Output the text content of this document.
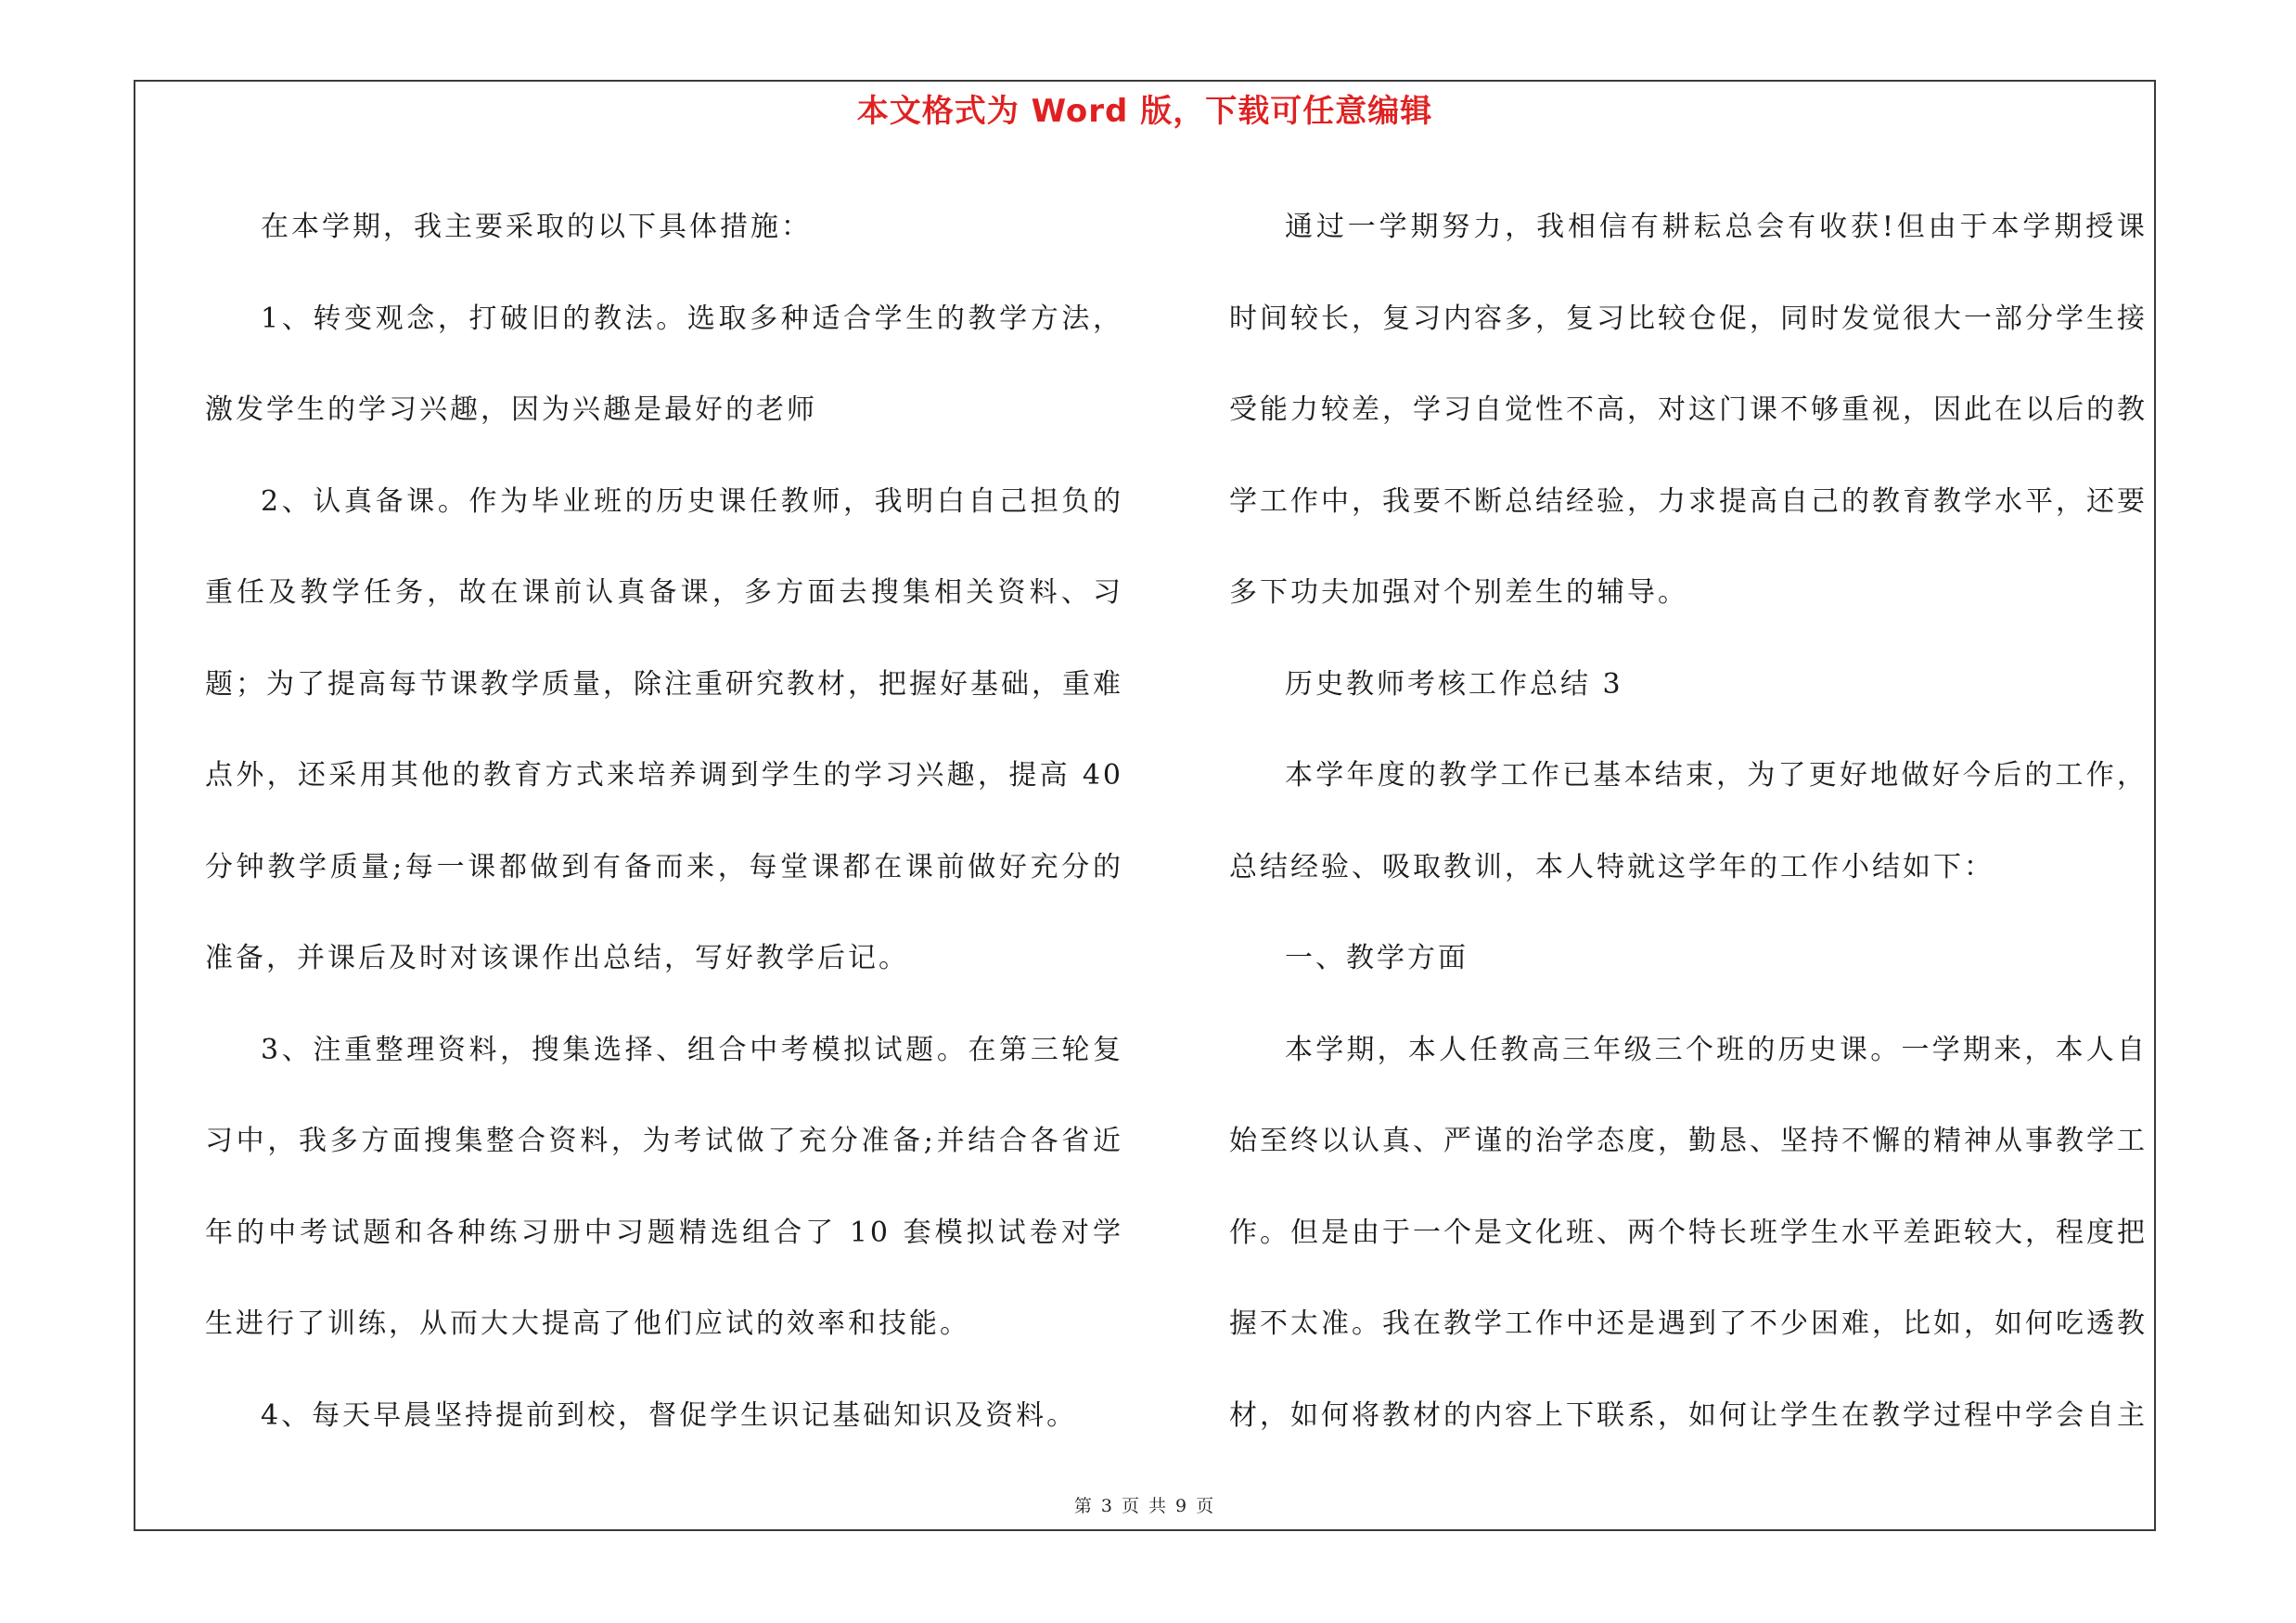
本文格式为 Word 版，下载可任意编辑

在本学期，我主要采取的以下具体措施：

1、转变观念，打破旧的教法。选取多种适合学生的教学方法，激发学生的学习兴趣，因为兴趣是最好的老师

2、认真备课。作为毕业班的历史课任教师，我明白自己担负的重任及教学任务，故在课前认真备课，多方面去搜集相关资料、习题；为了提高每节课教学质量，除注重研究教材，把握好基础，重难点外，还采用其他的教育方式来培养调到学生的学习兴趣，提高 40 分钟教学质量;每一课都做到有备而来，每堂课都在课前做好充分的准备，并课后及时对该课作出总结，写好教学后记。

3、注重整理资料，搜集选择、组合中考模拟试题。在第三轮复习中，我多方面搜集整合资料，为考试做了充分准备;并结合各省近年的中考试题和各种练习册中习题精选组合了 10 套模拟试卷对学生进行了训练，从而大大提高了他们应试的效率和技能。

4、每天早晨坚持提前到校，督促学生识记基础知识及资料。

通过一学期努力，我相信有耕耘总会有收获!但由于本学期授课时间较长，复习内容多，复习比较仓促，同时发觉很大一部分学生接受能力较差，学习自觉性不高，对这门课不够重视，因此在以后的教学工作中，我要不断总结经验，力求提高自己的教育教学水平，还要多下功夫加强对个别差生的辅导。

历史教师考核工作总结 3

本学年度的教学工作已基本结束，为了更好地做好今后的工作，总结经验、吸取教训，本人特就这学年的工作小结如下：

一、教学方面

本学期，本人任教高三年级三个班的历史课。一学期来，本人自始至终以认真、严谨的治学态度，勤恳、坚持不懈的精神从事教学工作。但是由于一个是文化班、两个特长班学生水平差距较大，程度把握不太准。我在教学工作中还是遇到了不少困难，比如，如何吃透教材，如何将教材的内容上下联系，如何让学生在教学过程中学会自主

第 3 页 共 9 页
